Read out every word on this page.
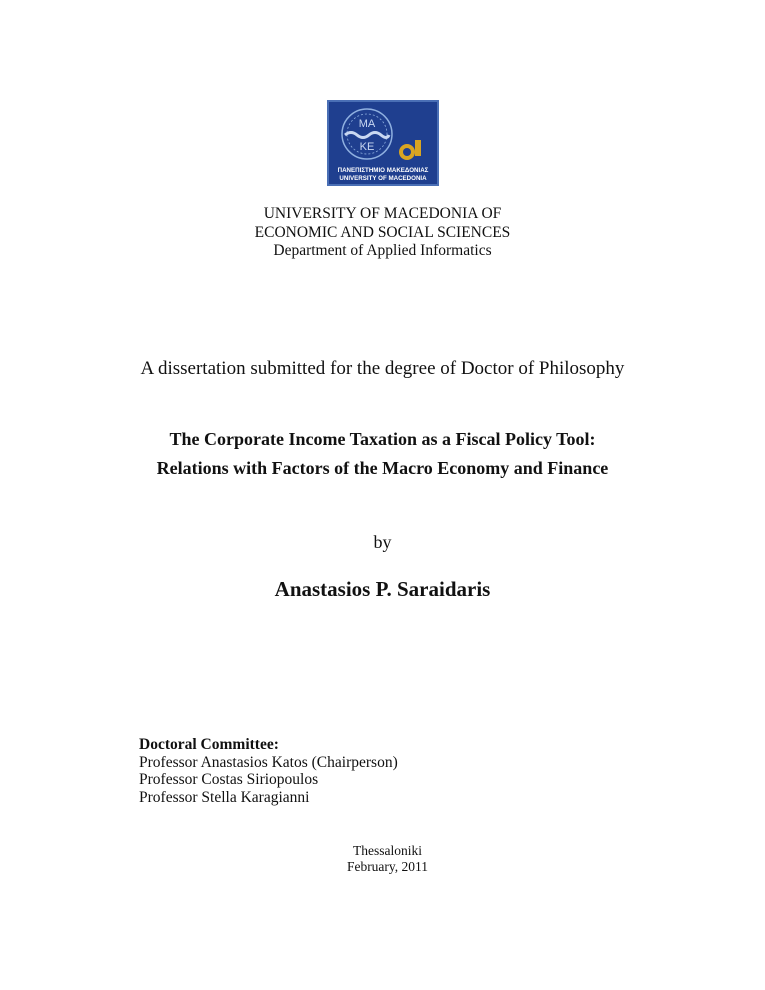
ΜΑ
ΚΕ
ΠΑΝΕΠΙΣΤΗΜΙΟ ΜΑΚΕΔΟΝΙΑΣ
UNIVERSITY OF MACEDONIA
UNIVERSITY OF MACEDONIA OF
ECONOMIC AND SOCIAL SCIENCES
Department of Applied Informatics
A dissertation submitted for the degree of Doctor of Philosophy
The Corporate Income Taxation as a Fiscal Policy Tool:
Relations with Factors of the Macro Economy and Finance
by
Anastasios P. Saraidaris
Doctoral Committee:
Professor Anastasios Katos (Chairperson)
Professor Costas Siriopoulos
Professor Stella Karagianni
Thessaloniki
February, 2011
